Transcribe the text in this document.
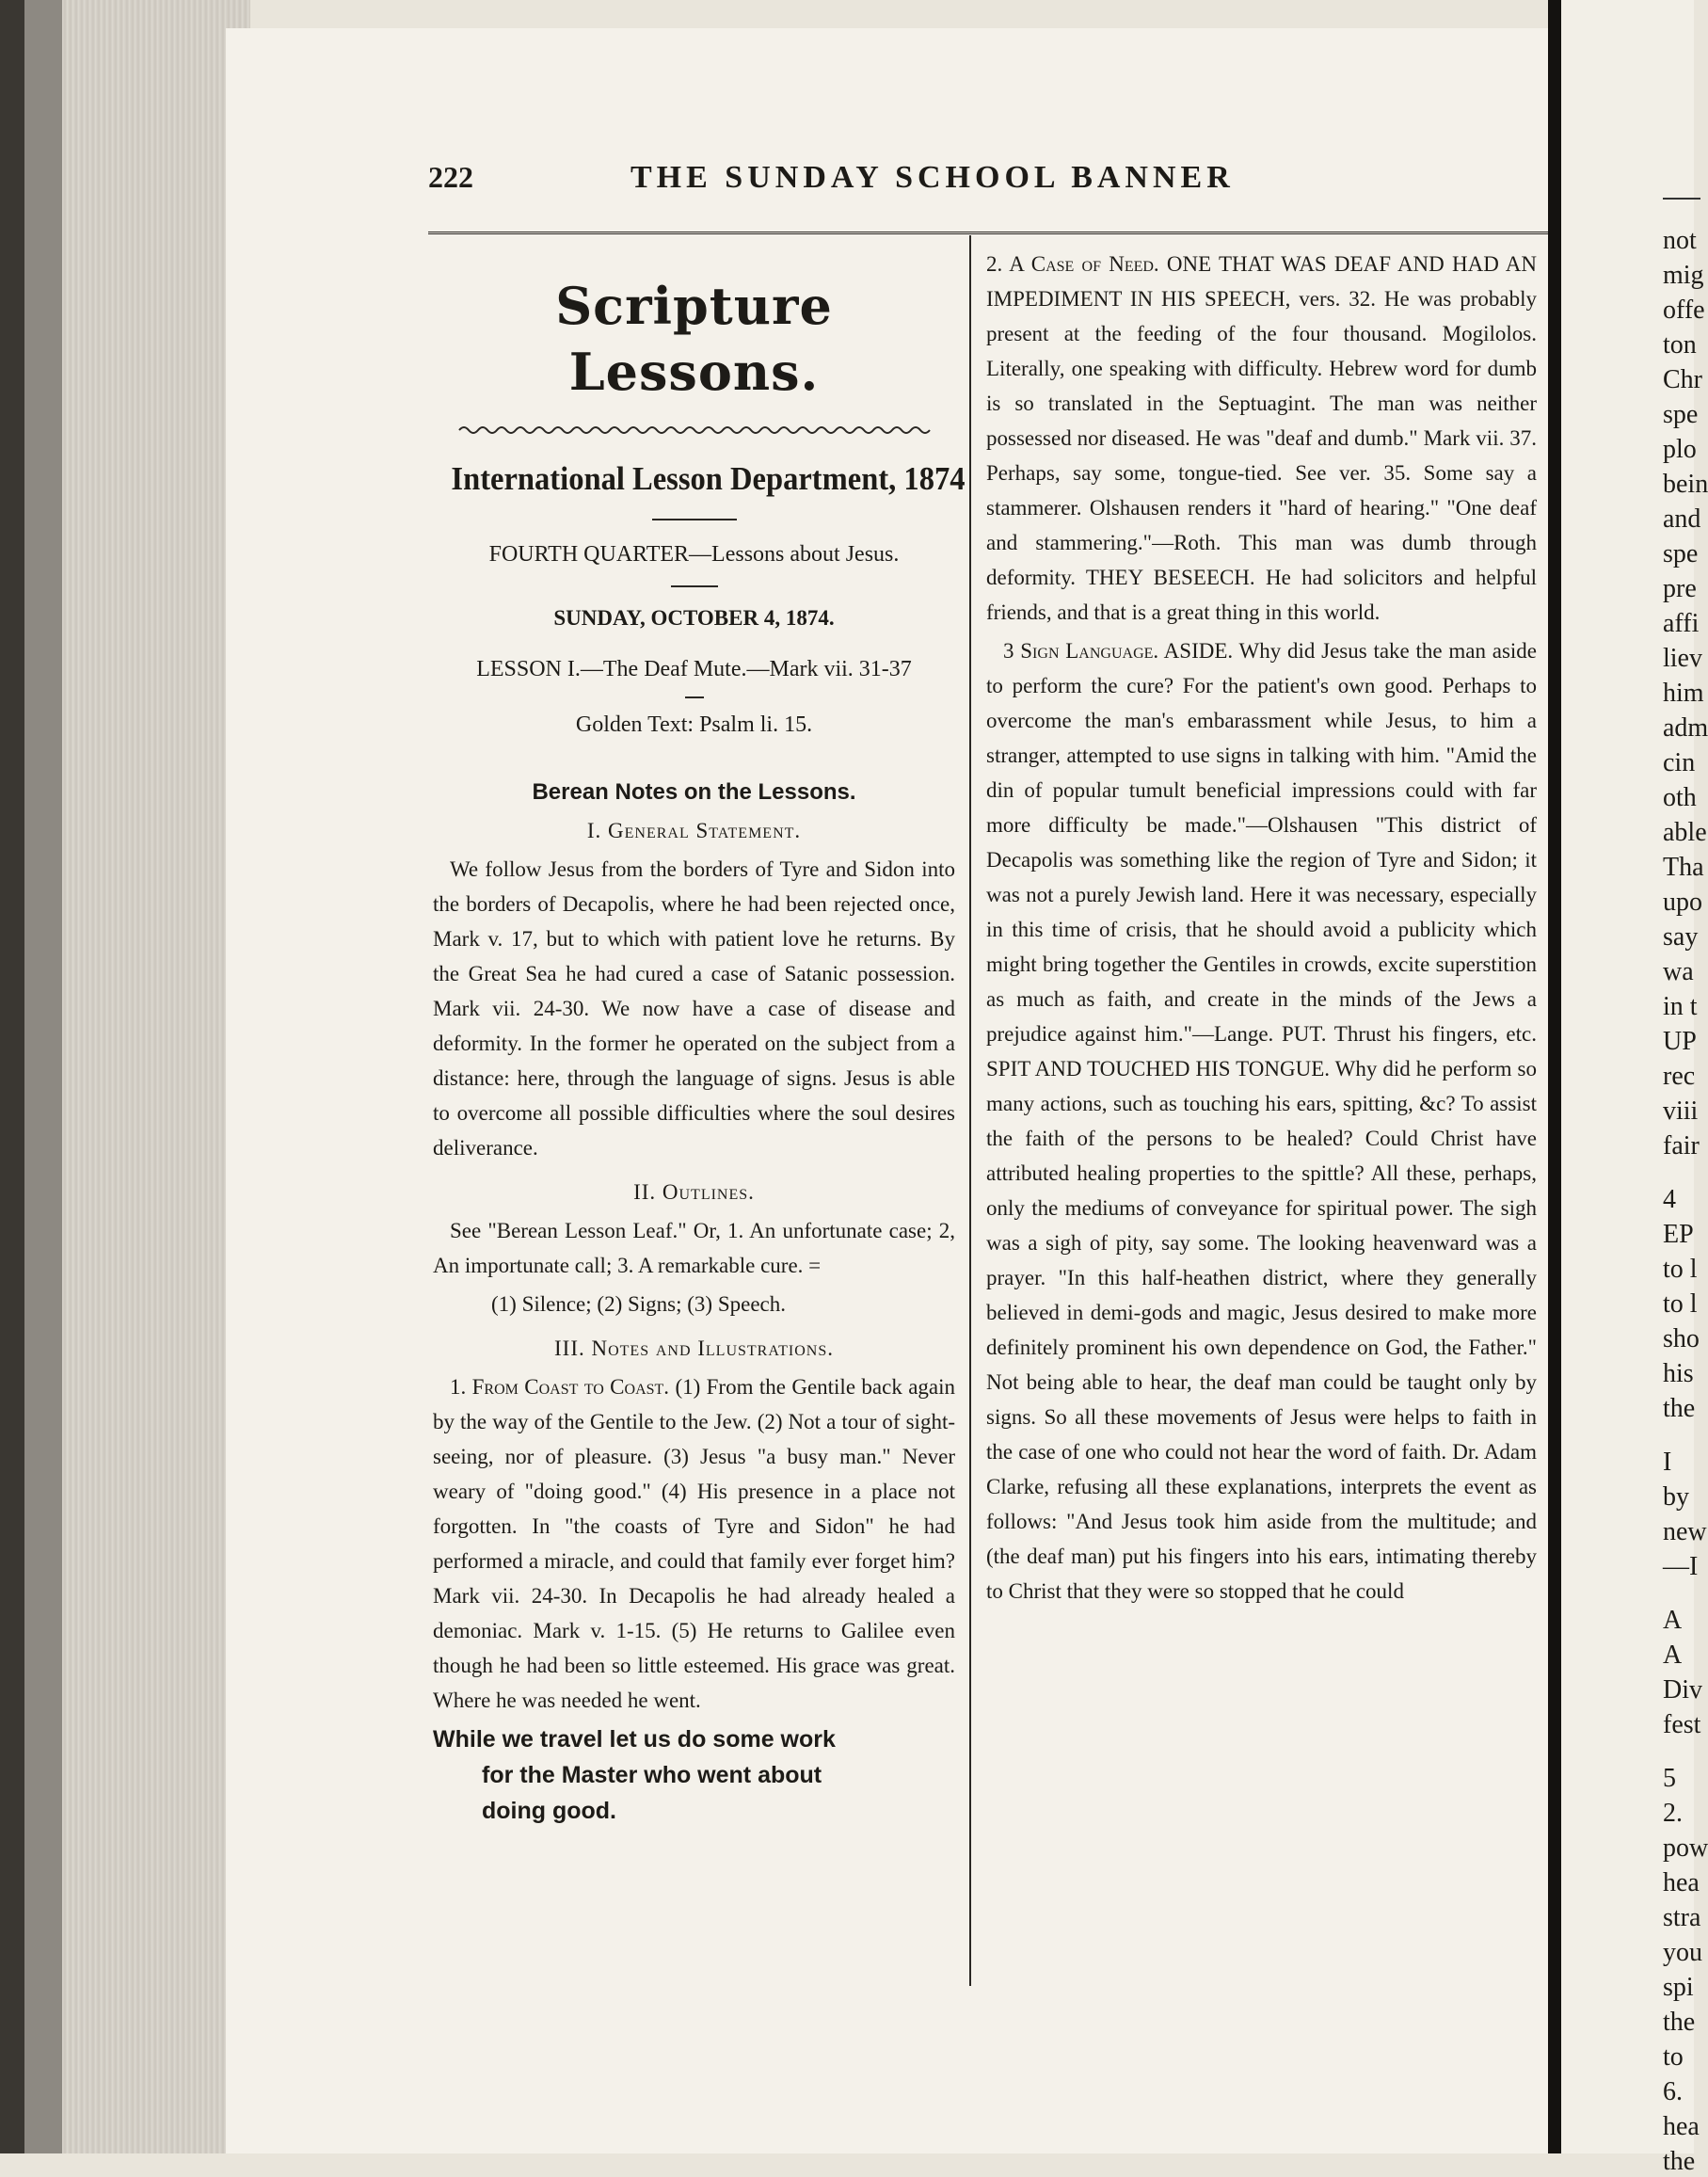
not
mig
offe
ton
Chr
spe
plo
bein
and
spe
pre
affi
liev
him
adm
cin
oth
able
Tha
upo
say
wa
in t
UP
rec
viii
fair
4
EP
to l
to l
sho
his
the
I
by
new
—I
A
A
Div
fest
5
2.
pow
hea
stra
you
spi
the
to
6.
hea
the
222	THE SUNDAY SCHOOL BANNER
Scripture Lessons.
International Lesson Department, 1874
FOURTH QUARTER—Lessons about Jesus.
SUNDAY, OCTOBER 4, 1874.
LESSON I.—The Deaf Mute.—Mark vii. 31-37
Golden Text: Psalm li. 15.
Berean Notes on the Lessons.
I. General Statement.
We follow Jesus from the borders of Tyre and Sidon into the borders of Decapolis, where he had been rejected once, Mark v. 17, but to which with patient love he returns. By the Great Sea he had cured a case of Satanic possession. Mark vii. 24-30. We now have a case of disease and deformity. In the former he operated on the subject from a distance: here, through the language of signs. Jesus is able to overcome all possible difficulties where the soul desires deliverance.
II. Outlines.
See "Berean Lesson Leaf." Or, 1. An unfortunate case; 2, An importunate call; 3. A remarkable cure. =
(1) Silence; (2) Signs; (3) Speech.
III. Notes and Illustrations.
1. From Coast to Coast. (1) From the Gentile back again by the way of the Gentile to the Jew. (2) Not a tour of sight-seeing, nor of pleasure. (3) Jesus "a busy man." Never weary of "doing good." (4) His presence in a place not forgotten. In "the coasts of Tyre and Sidon" he had performed a miracle, and could that family ever forget him? Mark vii. 24-30. In Decapolis he had already healed a demoniac. Mark v. 1-15. (5) He returns to Galilee even though he had been so little esteemed. His grace was great. Where he was needed he went.
While we travel let us do some work
for the Master who went about
doing good.
2. A Case of Need. ONE THAT WAS DEAF AND HAD AN IMPEDIMENT IN HIS SPEECH, vers. 32. He was probably present at the feeding of the four thousand. Mogilolos. Literally, one speaking with difficulty. Hebrew word for dumb is so translated in the Septuagint. The man was neither possessed nor diseased. He was "deaf and dumb." Mark vii. 37. Perhaps, say some, tongue-tied. See ver. 35. Some say a stammerer. Olshausen renders it "hard of hearing." "One deaf and stammering."—Roth. This man was dumb through deformity. THEY BESEECH. He had solicitors and helpful friends, and that is a great thing in this world.
3 Sign Language. ASIDE. Why did Jesus take the man aside to perform the cure? For the patient's own good. Perhaps to overcome the man's embarassment while Jesus, to him a stranger, attempted to use signs in talking with him. "Amid the din of popular tumult beneficial impressions could with far more difficulty be made."—Olshausen "This district of Decapolis was something like the region of Tyre and Sidon; it was not a purely Jewish land. Here it was necessary, especially in this time of crisis, that he should avoid a publicity which might bring together the Gentiles in crowds, excite superstition as much as faith, and create in the minds of the Jews a prejudice against him."—Lange. PUT. Thrust his fingers, etc. SPIT AND TOUCHED HIS TONGUE. Why did he perform so many actions, such as touching his ears, spitting, &c? To assist the faith of the persons to be healed? Could Christ have attributed healing properties to the spittle? All these, perhaps, only the mediums of conveyance for spiritual power. The sigh was a sigh of pity, say some. The looking heavenward was a prayer. "In this half-heathen district, where they generally believed in demi-gods and magic, Jesus desired to make more definitely prominent his own dependence on God, the Father." Not being able to hear, the deaf man could be taught only by signs. So all these movements of Jesus were helps to faith in the case of one who could not hear the word of faith. Dr. Adam Clarke, refusing all these explanations, interprets the event as follows: "And Jesus took him aside from the multitude; and (the deaf man) put his fingers into his ears, intimating thereby to Christ that they were so stopped that he could
